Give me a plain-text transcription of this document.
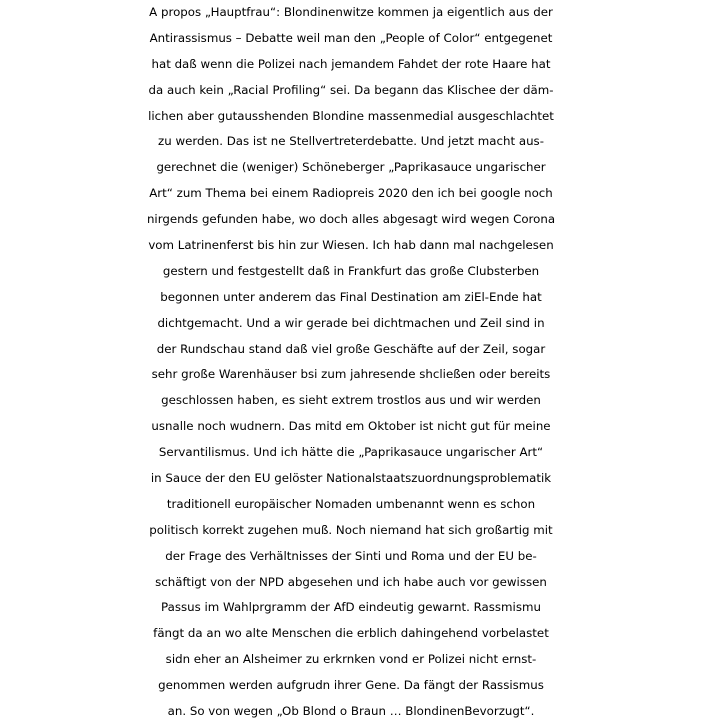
A propos „Hauptfrau“: Blondinenwitze kommen ja eigentlich aus der
Antirassismus – Debatte weil man den „People of Color“ entgegenet
hat daß wenn die Polizei nach jemandem Fahdet der rote Haare hat
da auch kein „Racial Profiling“ sei. Da begann das Klischee der däm-
lichen aber gutausshenden Blondine massenmedial ausgeschlachtet
zu werden. Das ist ne Stellvertreterdebatte. Und jetzt macht aus-
gerechnet die (weniger) Schöneberger „Paprikasauce ungarischer
Art“ zum Thema bei einem Radiopreis 2020 den ich bei google noch
nirgends gefunden habe, wo doch alles abgesagt wird wegen Corona
vom Latrinenferst bis hin zur Wiesen. Ich hab dann mal nachgelesen
gestern und festgestellt daß in Frankfurt das große Clubsterben
begonnen unter anderem das Final Destination am ziEl-Ende hat
dichtgemacht. Und a wir gerade bei dichtmachen und Zeil sind in
der Rundschau stand daß viel große Geschäfte auf der Zeil, sogar
sehr große Warenhäuser bsi zum jahresende shcließen oder bereits
geschlossen haben, es sieht extrem trostlos aus und wir werden
usnalle noch wudnern. Das mitd em Oktober ist nicht gut für meine
Servantilismus. Und ich hätte die „Paprikasauce ungarischer Art“
in Sauce der den EU gelöster Nationalstaatszuordnungsproblematik
traditionell europäischer Nomaden umbenannt wenn es schon
politisch korrekt zugehen muß. Noch niemand hat sich großartig mit
der Frage des Verhältnisses der Sinti und Roma und der EU be-
schäftigt von der NPD abgesehen und ich habe auch vor gewissen
Passus im Wahlprgramm der AfD eindeutig gewarnt. Rassmismu
fängt da an wo alte Menschen die erblich dahingehend vorbelastet
sidn eher an Alsheimer zu erkrnken vond er Polizei nicht ernst-
genommen werden aufgrudn ihrer Gene. Da fängt der Rassismus
an. So von wegen „Ob Blond o Braun … BlondinenBevorzugt“.
